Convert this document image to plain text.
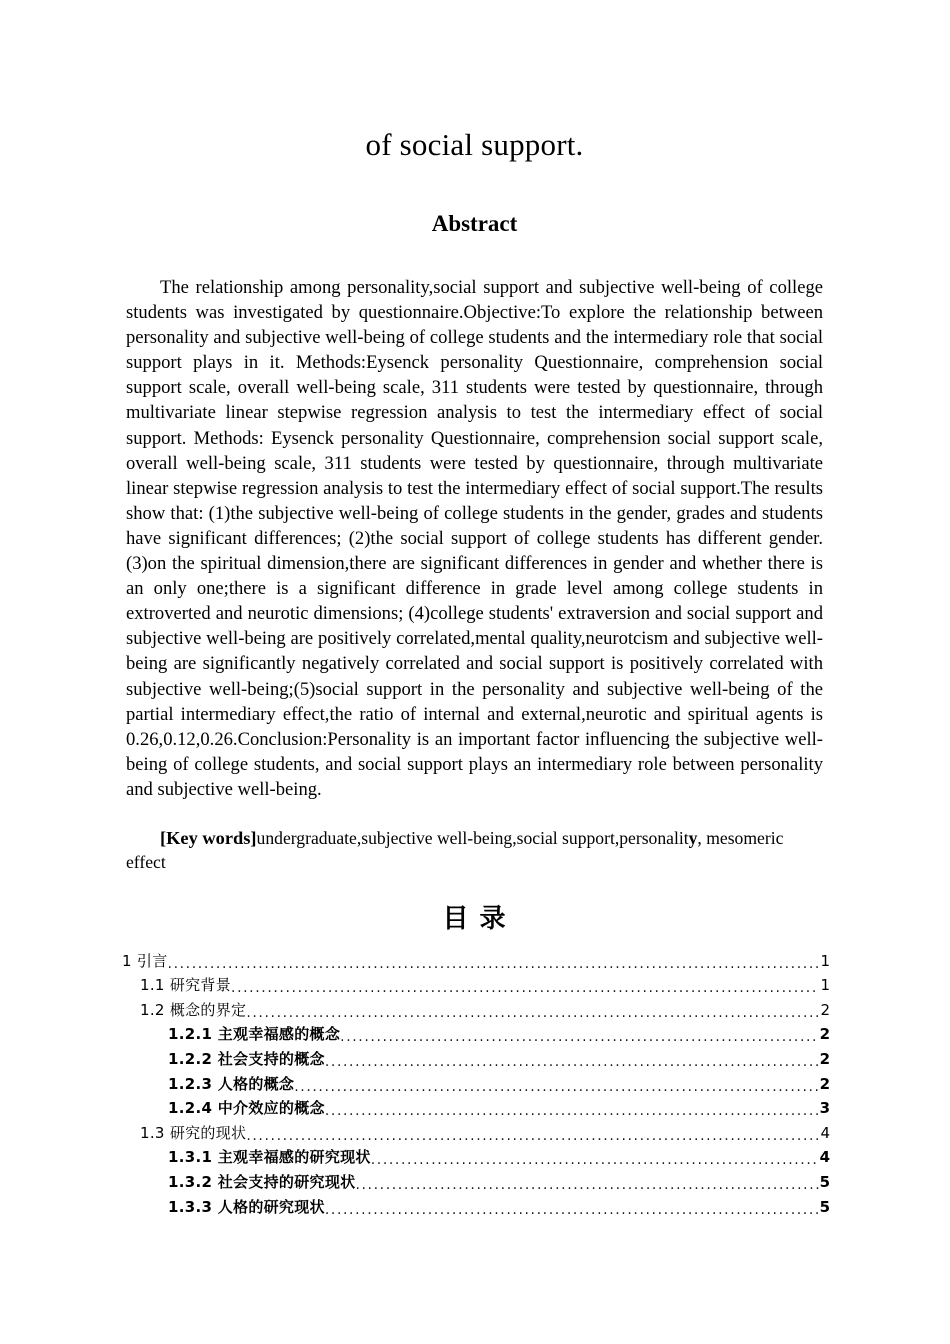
of social support.
Abstract
The relationship among personality,social support and subjective well-being of college students was investigated by questionnaire.Objective:To explore the relationship between personality and subjective well-being of college students and the intermediary role that social support plays in it. Methods:Eysenck personality Questionnaire, comprehension social support scale, overall well-being scale, 311 students were tested by questionnaire, through multivariate linear stepwise regression analysis to test the intermediary effect of social support. Methods: Eysenck personality Questionnaire, comprehension social support scale, overall well-being scale, 311 students were tested by questionnaire, through multivariate linear stepwise regression analysis to test the intermediary effect of social support.The results show that: (1)the subjective well-being of college students in the gender, grades and students have significant differences; (2)the social support of college students has different gender. (3)on the spiritual dimension,there are significant differences in gender and whether there is an only one;there is a significant difference in grade level among college students in extroverted and neurotic dimensions; (4)college students' extraversion and social support and subjective well-being are positively correlated,mental quality,neurotcism and subjective well-being are significantly negatively correlated and social support is positively correlated with subjective well-being;(5)social support in the personality and subjective well-being of the partial intermediary effect,the ratio of internal and external,neurotic and spiritual agents is 0.26,0.12,0.26.Conclusion:Personality is an important factor influencing the subjective well-being of college students, and social support plays an intermediary role between personality and subjective well-being.
[Key words]undergraduate,subjective well-being,social support,personality, mesomeric effect
目 录
1 引言 .....	1
1.1 研究背景 .....	1
1.2 概念的界定 .....	2
1.2.1 主观幸福感的概念 .....	2
1.2.2 社会支持的概念 .....	2
1.2.3 人格的概念 .....	2
1.2.4 中介效应的概念 .....	3
1.3 研究的现状 .....	4
1.3.1 主观幸福感的研究现状 .....	4
1.3.2 社会支持的研究现状 .....	5
1.3.3 人格的研究现状 .....	5
